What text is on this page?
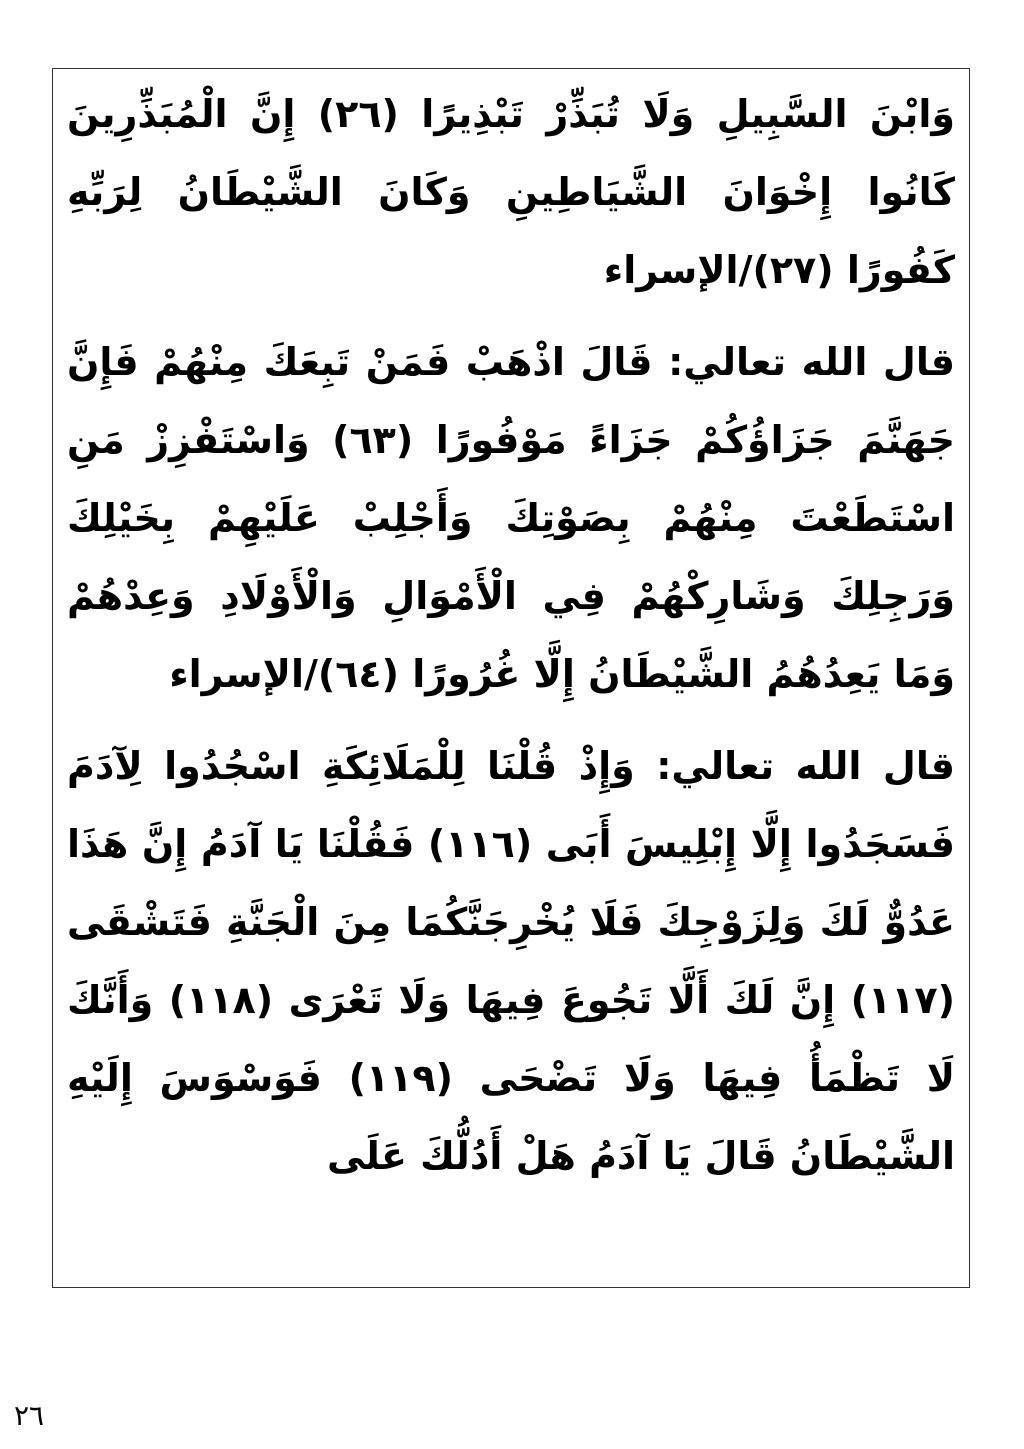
وَابْنَ السَّبِيلِ وَلَا تُبَذِّرْ تَبْذِيرًا (٢٦) إِنَّ الْمُبَذِّرِينَ كَانُوا إِخْوَانَ الشَّيَاطِينِ وَكَانَ الشَّيْطَانُ لِرَبِّهِ كَفُورًا (٢٧)/الإسراء

قال الله تعالي: قَالَ اذْهَبْ فَمَنْ تَبِعَكَ مِنْهُمْ فَإِنَّ جَهَنَّمَ جَزَاؤُكُمْ جَزَاءً مَوْفُورًا (٦٣) وَاسْتَفْزِزْ مَنِ اسْتَطَعْتَ مِنْهُمْ بِصَوْتِكَ وَأَجْلِبْ عَلَيْهِمْ بِخَيْلِكَ وَرَجِلِكَ وَشَارِكْهُمْ فِي الْأَمْوَالِ وَالْأَوْلَادِ وَعِدْهُمْ وَمَا يَعِدُهُمُ الشَّيْطَانُ إِلَّا غُرُورًا (٦٤)/الإسراء

قال الله تعالي: وَإِذْ قُلْنَا لِلْمَلَائِكَةِ اسْجُدُوا لِآدَمَ فَسَجَدُوا إِلَّا إِبْلِيسَ أَبَى (١١٦) فَقُلْنَا يَا آدَمُ إِنَّ هَذَا عَدُوٌّ لَكَ وَلِزَوْجِكَ فَلَا يُخْرِجَنَّكُمَا مِنَ الْجَنَّةِ فَتَشْقَى (١١٧) إِنَّ لَكَ أَلَّا تَجُوعَ فِيهَا وَلَا تَعْرَى (١١٨) وَأَنَّكَ لَا تَظْمَأُ فِيهَا وَلَا تَضْحَى (١١٩) فَوَسْوَسَ إِلَيْهِ الشَّيْطَانُ قَالَ يَا آدَمُ هَلْ أَدُلُّكَ عَلَى

٢٦
